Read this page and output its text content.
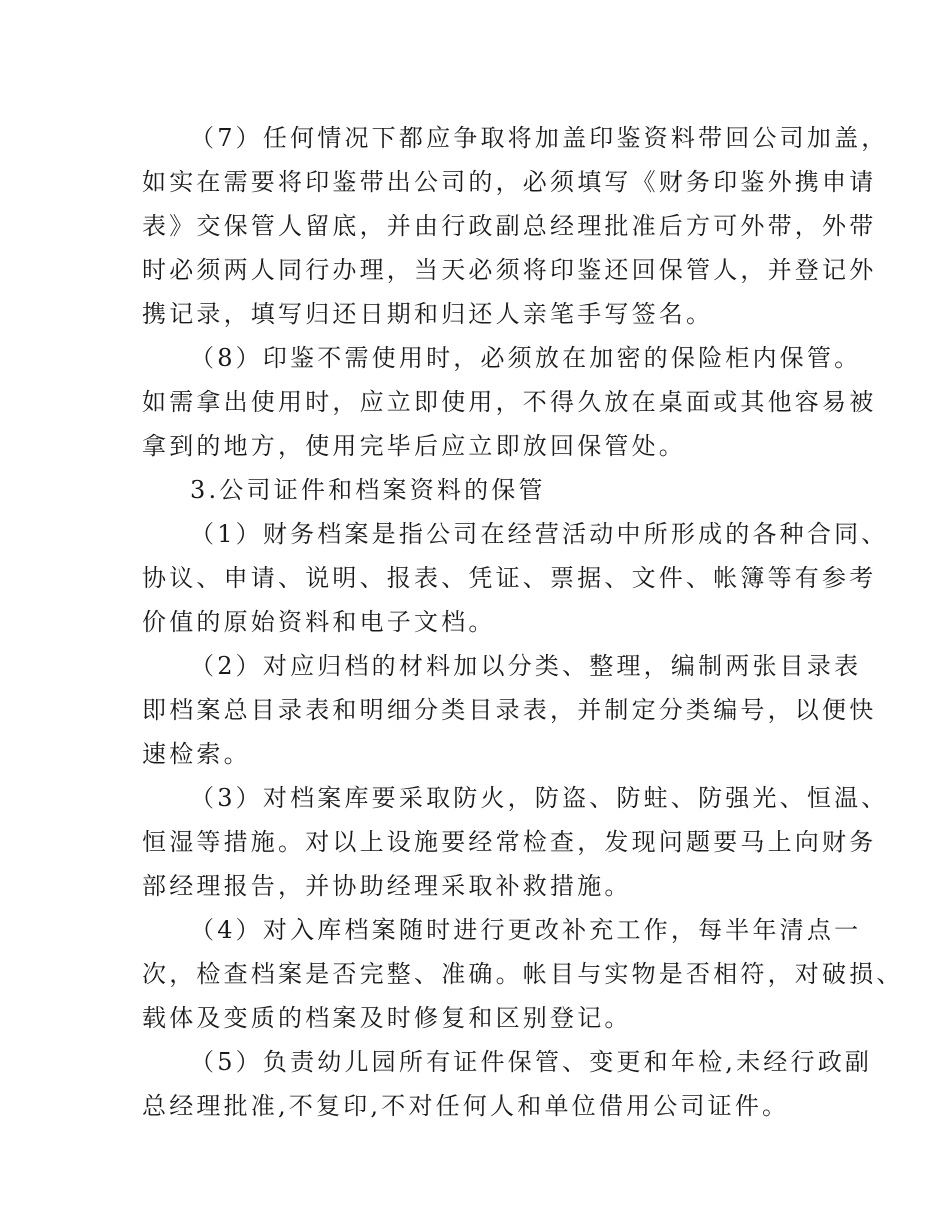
（7）任何情况下都应争取将加盖印鉴资料带回公司加盖，
如实在需要将印鉴带出公司的，必须填写《财务印鉴外携申请
表》交保管人留底，并由行政副总经理批准后方可外带，外带
时必须两人同行办理，当天必须将印鉴还回保管人，并登记外
携记录，填写归还日期和归还人亲笔手写签名。
（8）印鉴不需使用时，必须放在加密的保险柜内保管。
如需拿出使用时，应立即使用，不得久放在桌面或其他容易被
拿到的地方，使用完毕后应立即放回保管处。
3.公司证件和档案资料的保管
（1）财务档案是指公司在经营活动中所形成的各种合同、
协议、申请、说明、报表、凭证、票据、文件、帐簿等有参考
价值的原始资料和电子文档。
（2）对应归档的材料加以分类、整理，编制两张目录表
即档案总目录表和明细分类目录表，并制定分类编号，以便快
速检索。
（3）对档案库要采取防火，防盗、防蛀、防强光、恒温、
恒湿等措施。对以上设施要经常检查，发现问题要马上向财务
部经理报告，并协助经理采取补救措施。
（4）对入库档案随时进行更改补充工作，每半年清点一
次，检查档案是否完整、准确。帐目与实物是否相符，对破损、
载体及变质的档案及时修复和区别登记。
（5）负责幼儿园所有证件保管、变更和年检,未经行政副
总经理批准,不复印,不对任何人和单位借用公司证件。
